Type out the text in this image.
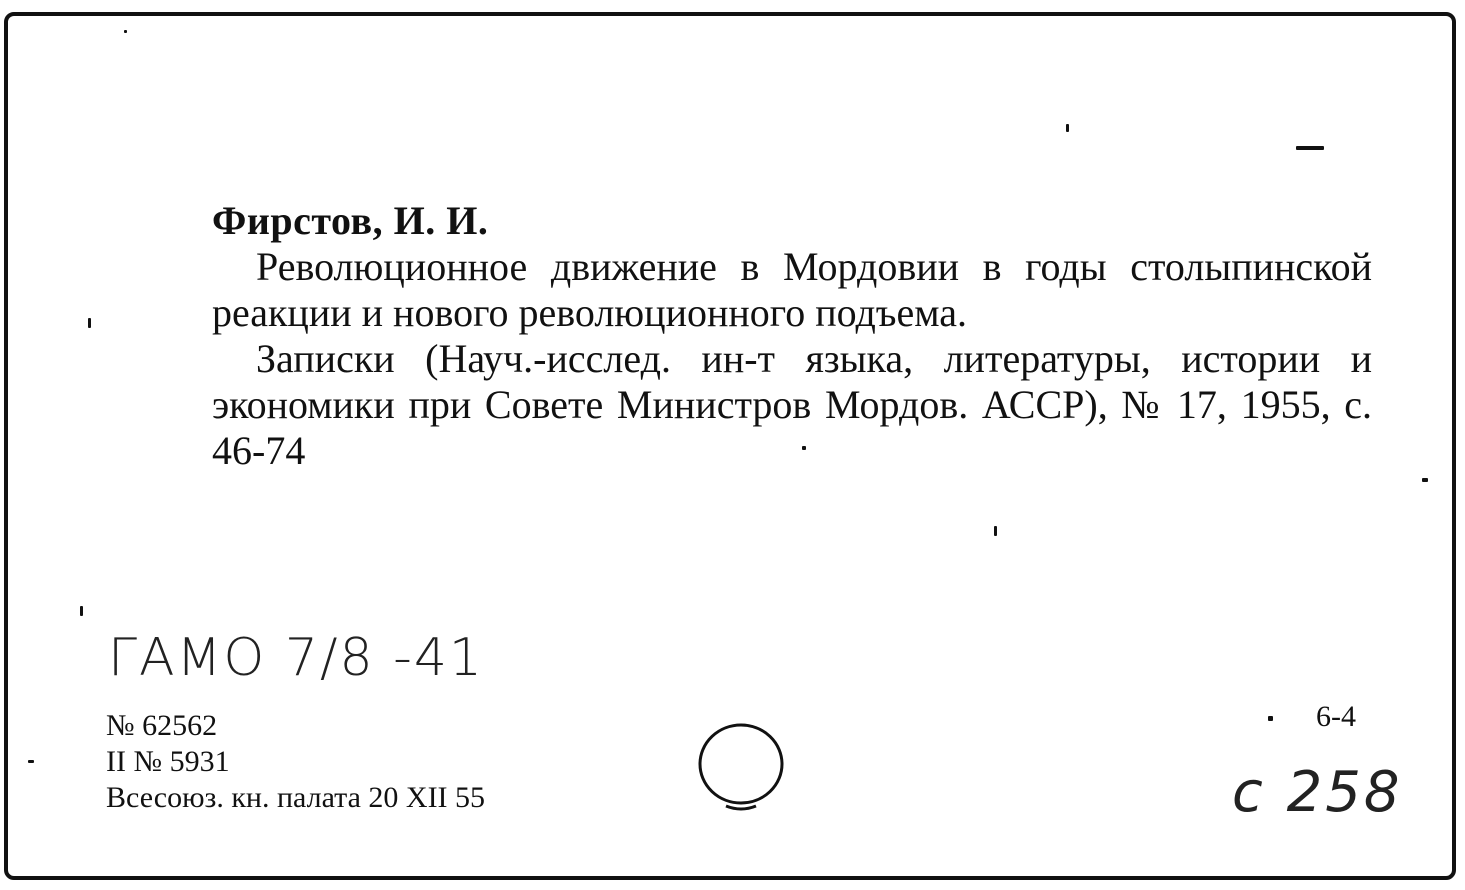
Фирстов, И. И.

Революционное движение в Мордовии в годы столыпинской реакции и нового революционного подъема.

Записки (Науч.-исслед. ин-т языка, литературы, истории и экономики при Совете Министров Мордов. АССР), № 17, 1955, с. 46-74

ГАМО 7/8 -41
№ 62562
II № 5931
Всесоюз. кн. палата 20 XII 55
6-4
с 258
